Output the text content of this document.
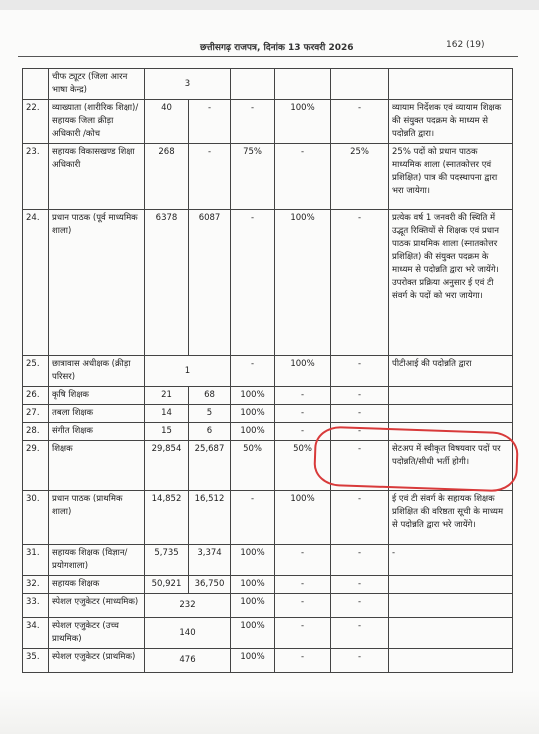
छत्तीसगढ़ राजपत्र, दिनांक 13 फरवरी 2026	162 (19)
	चीफ ट्यूटर (जिला आरन भाषा केन्द्र)	3					
22.	व्याख्याता (शारीरिक शिक्षा)/ सहायक जिला क्रीड़ा अधिकारी /कोच	40	-	-	100%	-	व्यायाम निर्देशक एवं व्यायाम शिक्षक की संयुक्त पदक्रम के माध्यम से पदोन्नति द्वारा।
23.	सहायक विकासखण्ड शिक्षा अधिकारी	268	-	75%	-	25%	25% पदों को प्रधान पाठक माध्यमिक शाला (स्नातकोत्तर एवं प्रशिक्षित) पात्र की पदस्थापना द्वारा भरा जायेगा।
24.	प्रधान पाठक (पूर्व माध्यमिक शाला)	6378	6087	-	100%	-	प्रत्येक वर्ष 1 जनवरी की स्थिति में उद्भूत रिक्तियों से शिक्षक एवं प्रधान पाठक प्राथमिक शाला (स्नातकोत्तर प्रशिक्षित) की संयुक्त पदक्रम के माध्यम से पदोन्नति द्वारा भरे जायेंगे। उपरोक्त प्रक्रिया अनुसार ई एवं टी संवर्ग के पदों को भरा जायेगा।
25.	छात्रावास अधीक्षक (क्रीड़ा परिसर)	1		-	100%	-	पीटीआई की पदोन्नति द्वारा
26.	कृषि शिक्षक	21	68	100%	-	-	
27.	तबला शिक्षक	14	5	100%	-	-	
28.	संगीत शिक्षक	15	6	100%	-	-	
29.	शिक्षक	29,854	25,687	50%	50%	-	सेटअप में स्वीकृत विषयवार पदों पर पदोन्नति/सीधी भर्ती होगी।
30.	प्रधान पाठक (प्राथमिक शाला)	14,852	16,512	-	100%	-	ई एवं टी संवर्ग के सहायक शिक्षक प्रशिक्षित की वरिष्ठता सूची के माध्यम से पदोन्नति द्वारा भरे जायेंगे।
31.	सहायक शिक्षक (विज्ञान/ प्रयोगशाला)	5,735	3,374	100%	-	-	-
32.	सहायक शिक्षक	50,921	36,750	100%	-	-	
33.	स्पेशल एजुकेटर (माध्यमिक)	232		100%	-	-	
34.	स्पेशल एजुकेटर (उच्च प्राथमिक)	140		100%	-	-	
35.	स्पेशल एजुकेटर (प्राथमिक)	476		100%	-	-	
